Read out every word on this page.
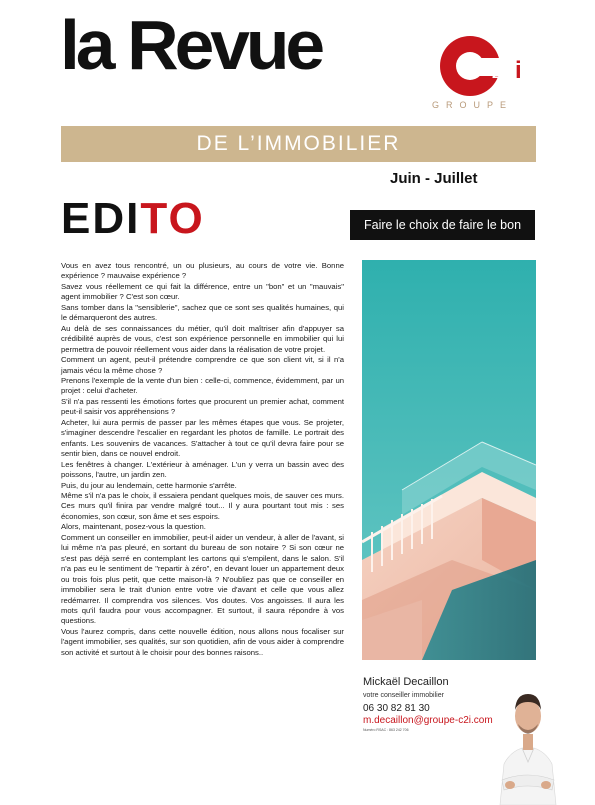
la Revue	2 i
GROUPE
DE L’IMMOBILIER
Juin - Juillet
EDITO	Faire le choix de faire le bon

Vous en avez tous rencontré, un ou plusieurs, au cours de votre vie. Bonne expérience ? mauvaise expérience ?

Savez vous réellement ce qui fait la différence, entre un "bon" et un "mauvais" agent immobilier ? C'est son cœur.

Sans tomber dans la "sensiblerie", sachez que ce sont ses qualités humaines, qui le démarqueront des autres.

Au delà de ses connaissances du métier, qu'il doit maîtriser afin d'appuyer sa crédibilité auprès de vous, c'est son expérience personnelle en immobilier qui lui permettra de pouvoir réellement vous aider dans la réalisation de votre projet.

Comment un agent, peut-il prétendre comprendre ce que son client vit, si il n'a jamais vécu la même chose ?

Prenons l'exemple de la vente d'un bien : celle-ci, commence, évidemment, par un projet : celui d'acheter.

S'il n'a pas ressenti les émotions fortes que procurent un premier achat, comment peut-il saisir vos appréhensions ?

Acheter, lui aura permis de passer par les mêmes étapes que vous. Se projeter, s'imaginer descendre l'escalier en regardant les photos de famille. Le portrait des enfants. Les souvenirs de vacances. S'attacher à tout ce qu'il devra faire pour se sentir bien, dans ce nouvel endroit.

Les fenêtres à changer. L'extérieur à aménager. L'un y verra un bassin avec des poissons, l'autre, un jardin zen.

Puis, du jour au lendemain, cette harmonie s'arrête.

Même s'il n'a pas le choix, il essaiera pendant quelques mois, de sauver ces murs. Ces murs qu'il finira par vendre malgré tout... Il y aura pourtant tout mis : ses économies, son cœur, son âme et ses espoirs.

Alors, maintenant, posez-vous la question.

Comment un conseiller en immobilier, peut-il aider un vendeur, à aller de l'avant, si lui même n'a pas pleuré, en sortant du bureau de son notaire ? Si son cœur ne s'est pas déjà serré en contemplant les cartons qui s'empilent, dans le salon. S'il n'a pas eu le sentiment de "repartir à zéro", en devant louer un appartement deux ou trois fois plus petit, que cette maison-là ? N'oubliez pas que ce conseiller en immobilier sera le trait d'union entre votre vie d'avant et celle que vous allez redémarrer. Il comprendra vos silences. Vos doutes. Vos angoisses. Il aura les mots qu'il faudra pour vous accompagner. Et surtout, il saura répondre à vos questions.

Vous l'aurez compris, dans cette nouvelle édition, nous allons nous focaliser sur l'agent immobilier, ses qualités, sur son quotidien, afin de vous aider à comprendre son activité et surtout à le choisir pour des bonnes raisons..

Mickaël Decaillon
votre conseiller immobilier
06 30 82 81 30
m.decaillon@groupe-c2i.com
Numéro RSAC : 863 242 706
